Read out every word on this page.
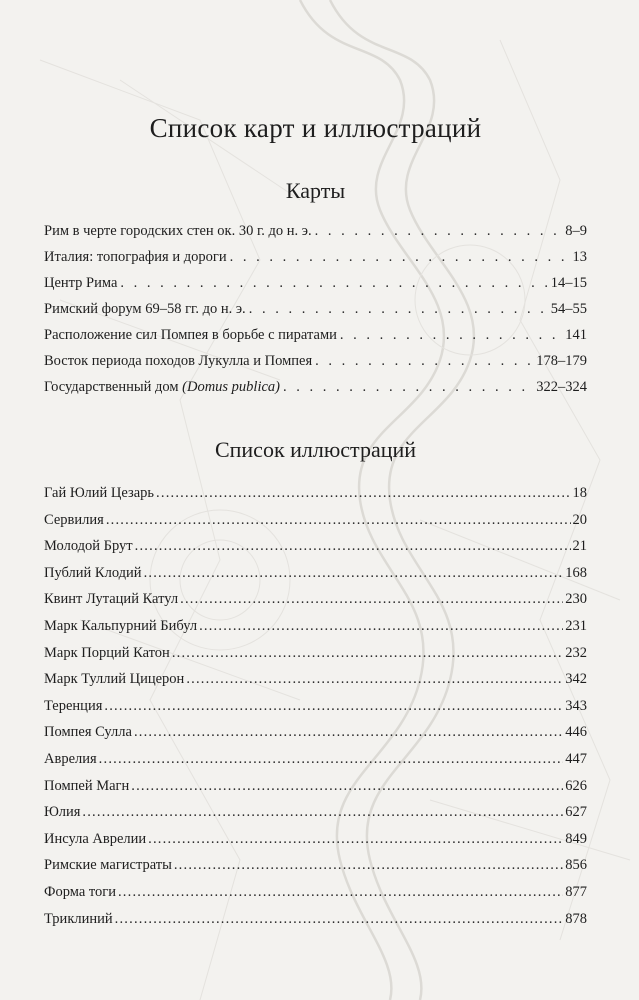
Список карт и иллюстраций
Карты
Рим в черте городских стен ок. 30 г. до н. э. . . .	8–9
Италия: топография и дороги . . .	13
Центр Рима . . .	14–15
Римский форум 69–58 гг. до н. э. . . .	54–55
Расположение сил Помпея в борьбе с пиратами . . .	141
Восток периода походов Лукулла и Помпея . . .	178–179
Государственный дом (Domus publica) . . .	322–324
Список иллюстраций
Гай Юлий Цезарь .....	18
Сервилия .....	20
Молодой Брут .....	21
Публий Клодий .....	168
Квинт Лутаций Катул .....	230
Марк Кальпурний Бибул .....	231
Марк Порций Катон .....	232
Марк Туллий Цицерон .....	342
Теренция .....	343
Помпея Сулла .....	446
Аврелия .....	447
Помпей Магн .....	626
Юлия .....	627
Инсула Аврелии .....	849
Римские магистраты .....	856
Форма тоги .....	877
Триклиний .....	878
